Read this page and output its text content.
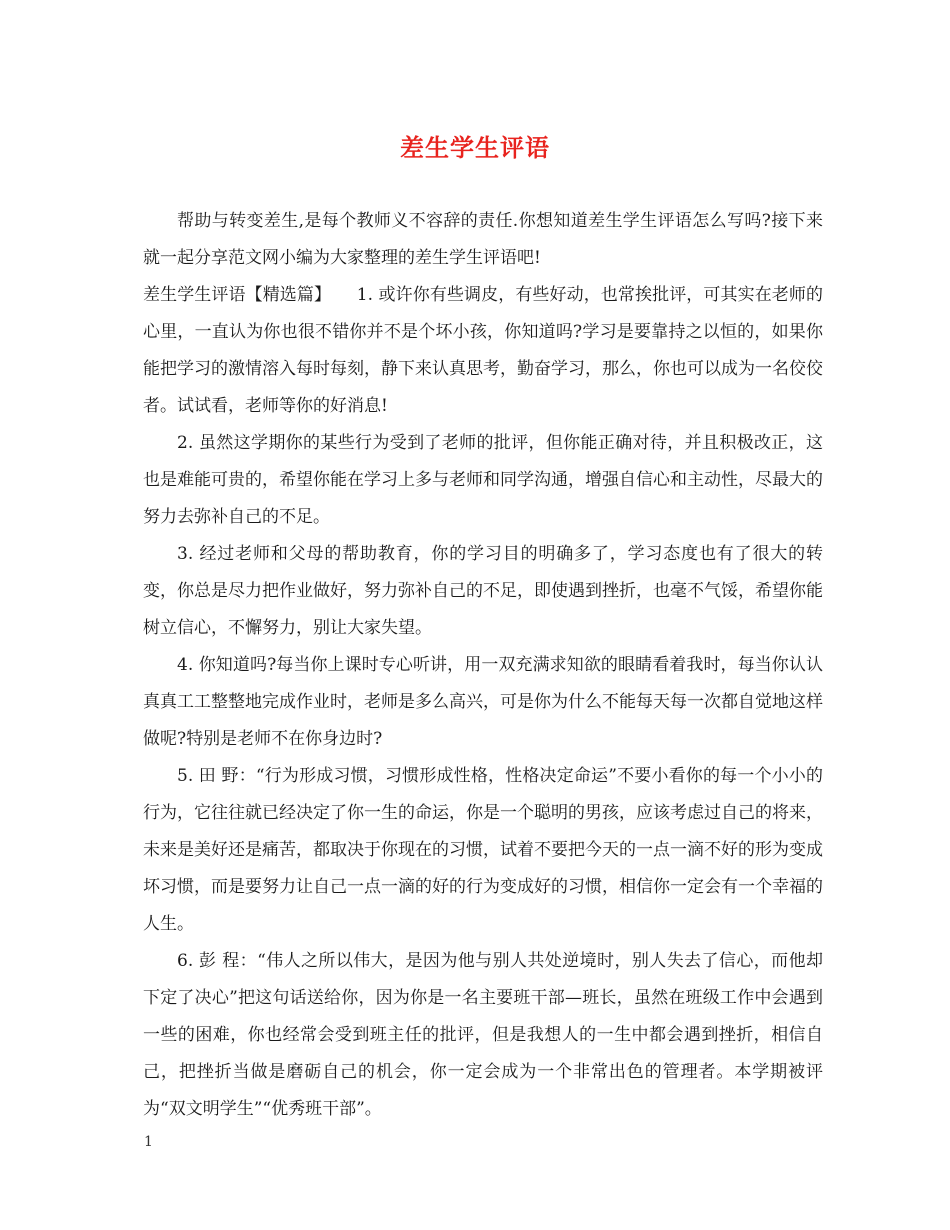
差生学生评语

帮助与转变差生,是每个教师义不容辞的责任.你想知道差生学生评语怎么写吗?接下来就一起分享范文网小编为大家整理的差生学生评语吧!

差生学生评语【精选篇】　　 1. 或许你有些调皮，有些好动，也常挨批评，可其实在老师的心里，一直认为你也很不错你并不是个坏小孩，你知道吗?学习是要靠持之以恒的，如果你能把学习的激情溶入每时每刻，静下来认真思考，勤奋学习，那么，你也可以成为一名佼佼者。试试看，老师等你的好消息!

2. 虽然这学期你的某些行为受到了老师的批评，但你能正确对待，并且积极改正，这也是难能可贵的，希望你能在学习上多与老师和同学沟通，增强自信心和主动性，尽最大的努力去弥补自己的不足。

3. 经过老师和父母的帮助教育，你的学习目的明确多了，学习态度也有了很大的转变，你总是尽力把作业做好，努力弥补自己的不足，即使遇到挫折，也毫不气馁，希望你能树立信心，不懈努力，别让大家失望。

4. 你知道吗?每当你上课时专心听讲，用一双充满求知欲的眼睛看着我时，每当你认认真真工工整整地完成作业时，老师是多么高兴，可是你为什么不能每天每一次都自觉地这样做呢?特别是老师不在你身边时?

5. 田 野：“行为形成习惯，习惯形成性格，性格决定命运”不要小看你的每一个小小的行为，它往往就已经决定了你一生的命运，你是一个聪明的男孩，应该考虑过自己的将来，未来是美好还是痛苦，都取决于你现在的习惯，试着不要把今天的一点一滴不好的形为变成坏习惯，而是要努力让自己一点一滴的好的行为变成好的习惯，相信你一定会有一个幸福的人生。

6. 彭 程：“伟人之所以伟大，是因为他与别人共处逆境时，别人失去了信心，而他却下定了决心”把这句话送给你，因为你是一名主要班干部—班长，虽然在班级工作中会遇到一些的困难，你也经常会受到班主任的批评，但是我想人的一生中都会遇到挫折，相信自己，把挫折当做是磨砺自己的机会，你一定会成为一个非常出色的管理者。本学期被评为“双文明学生”“优秀班干部”。

1
